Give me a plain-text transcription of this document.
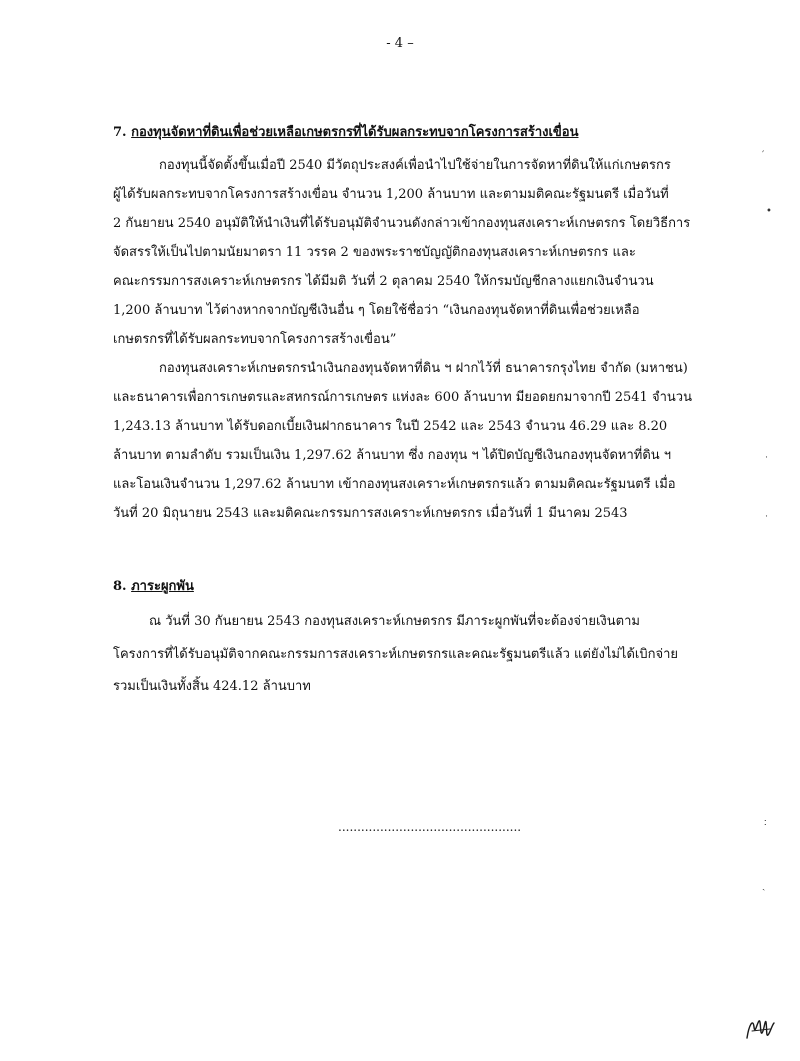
- 4 –

7. กองทุนจัดหาที่ดินเพื่อช่วยเหลือเกษตรกรที่ได้รับผลกระทบจากโครงการสร้างเขื่อน

กองทุนนี้จัดตั้งขึ้นเมื่อปี 2540 มีวัตถุประสงค์เพื่อนำไปใช้จ่ายในการจัดหาที่ดินให้แก่เกษตรกร
ผู้ได้รับผลกระทบจากโครงการสร้างเขื่อน จำนวน 1,200 ล้านบาท และตามมติคณะรัฐมนตรี เมื่อวันที่
2 กันยายน 2540 อนุมัติให้นำเงินที่ได้รับอนุมัติจำนวนดังกล่าวเข้ากองทุนสงเคราะห์เกษตรกร โดยวิธีการ
จัดสรรให้เป็นไปตามนัยมาตรา 11 วรรค 2 ของพระราชบัญญัติกองทุนสงเคราะห์เกษตรกร และ
คณะกรรมการสงเคราะห์เกษตรกร ได้มีมติ วันที่ 2 ตุลาคม 2540 ให้กรมบัญชีกลางแยกเงินจำนวน
1,200 ล้านบาท ไว้ต่างหากจากบัญชีเงินอื่น ๆ โดยใช้ชื่อว่า “เงินกองทุนจัดหาที่ดินเพื่อช่วยเหลือ
เกษตรกรที่ได้รับผลกระทบจากโครงการสร้างเขื่อน”

กองทุนสงเคราะห์เกษตรกรนำเงินกองทุนจัดหาที่ดิน ฯ ฝากไว้ที่ ธนาคารกรุงไทย จำกัด (มหาชน)
และธนาคารเพื่อการเกษตรและสหกรณ์การเกษตร แห่งละ 600 ล้านบาท มียอดยกมาจากปี 2541 จำนวน
1,243.13 ล้านบาท ได้รับดอกเบี้ยเงินฝากธนาคาร ในปี 2542 และ 2543 จำนวน 46.29 และ 8.20
ล้านบาท ตามลำดับ รวมเป็นเงิน 1,297.62 ล้านบาท ซึ่ง กองทุน ฯ ได้ปิดบัญชีเงินกองทุนจัดหาที่ดิน ฯ
และโอนเงินจำนวน 1,297.62 ล้านบาท เข้ากองทุนสงเคราะห์เกษตรกรแล้ว ตามมติคณะรัฐมนตรี เมื่อ
วันที่ 20 มิถุนายน 2543 และมติคณะกรรมการสงเคราะห์เกษตรกร เมื่อวันที่ 1 มีนาคม 2543

8. ภาระผูกพัน

ณ วันที่ 30 กันยายน 2543 กองทุนสงเคราะห์เกษตรกร มีภาระผูกพันที่จะต้องจ่ายเงินตาม
โครงการที่ได้รับอนุมัติจากคณะกรรมการสงเคราะห์เกษตรกรและคณะรัฐมนตรีแล้ว แต่ยังไม่ได้เบิกจ่าย
รวมเป็นเงินทั้งสิ้น 424.12 ล้านบาท

................................................
′
•
˙
˙
∶
ˎ
